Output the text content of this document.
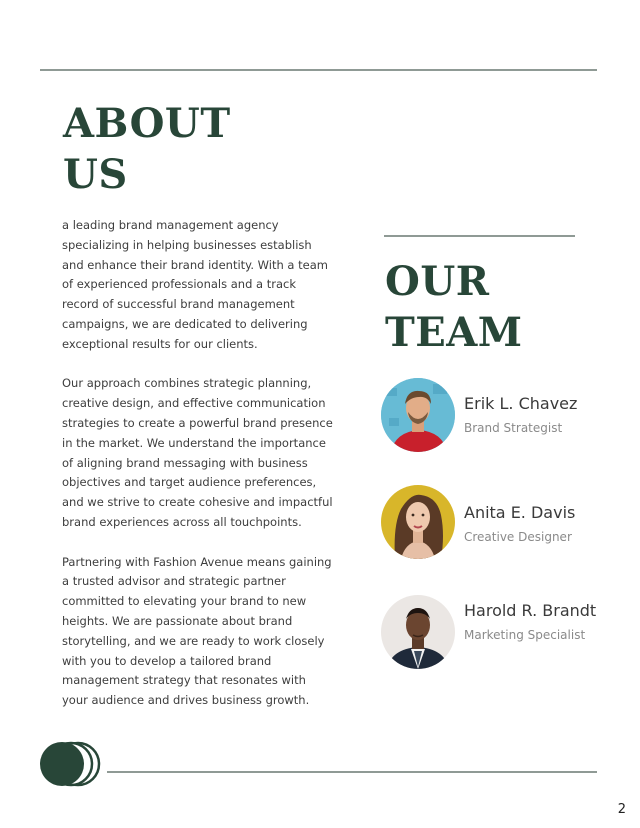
ABOUT
US

a leading brand management agency specializing in helping businesses establish and enhance their brand identity. With a team of experienced professionals and a track record of successful brand management campaigns, we are dedicated to delivering exceptional results for our clients.

Our approach combines strategic planning, creative design, and effective communication strategies to create a powerful brand presence in the market. We understand the importance of aligning brand messaging with business objectives and target audience preferences, and we strive to create cohesive and impactful brand experiences across all touchpoints.

Partnering with Fashion Avenue means gaining a trusted advisor and strategic partner committed to elevating your brand to new heights. We are passionate about brand storytelling, and we are ready to work closely with you to develop a tailored brand management strategy that resonates with your audience and drives business growth.

OUR
TEAM
Erik L. Chavez
Brand Strategist
Anita E. Davis
Creative Designer
Harold R. Brandt
Marketing Specialist
2
